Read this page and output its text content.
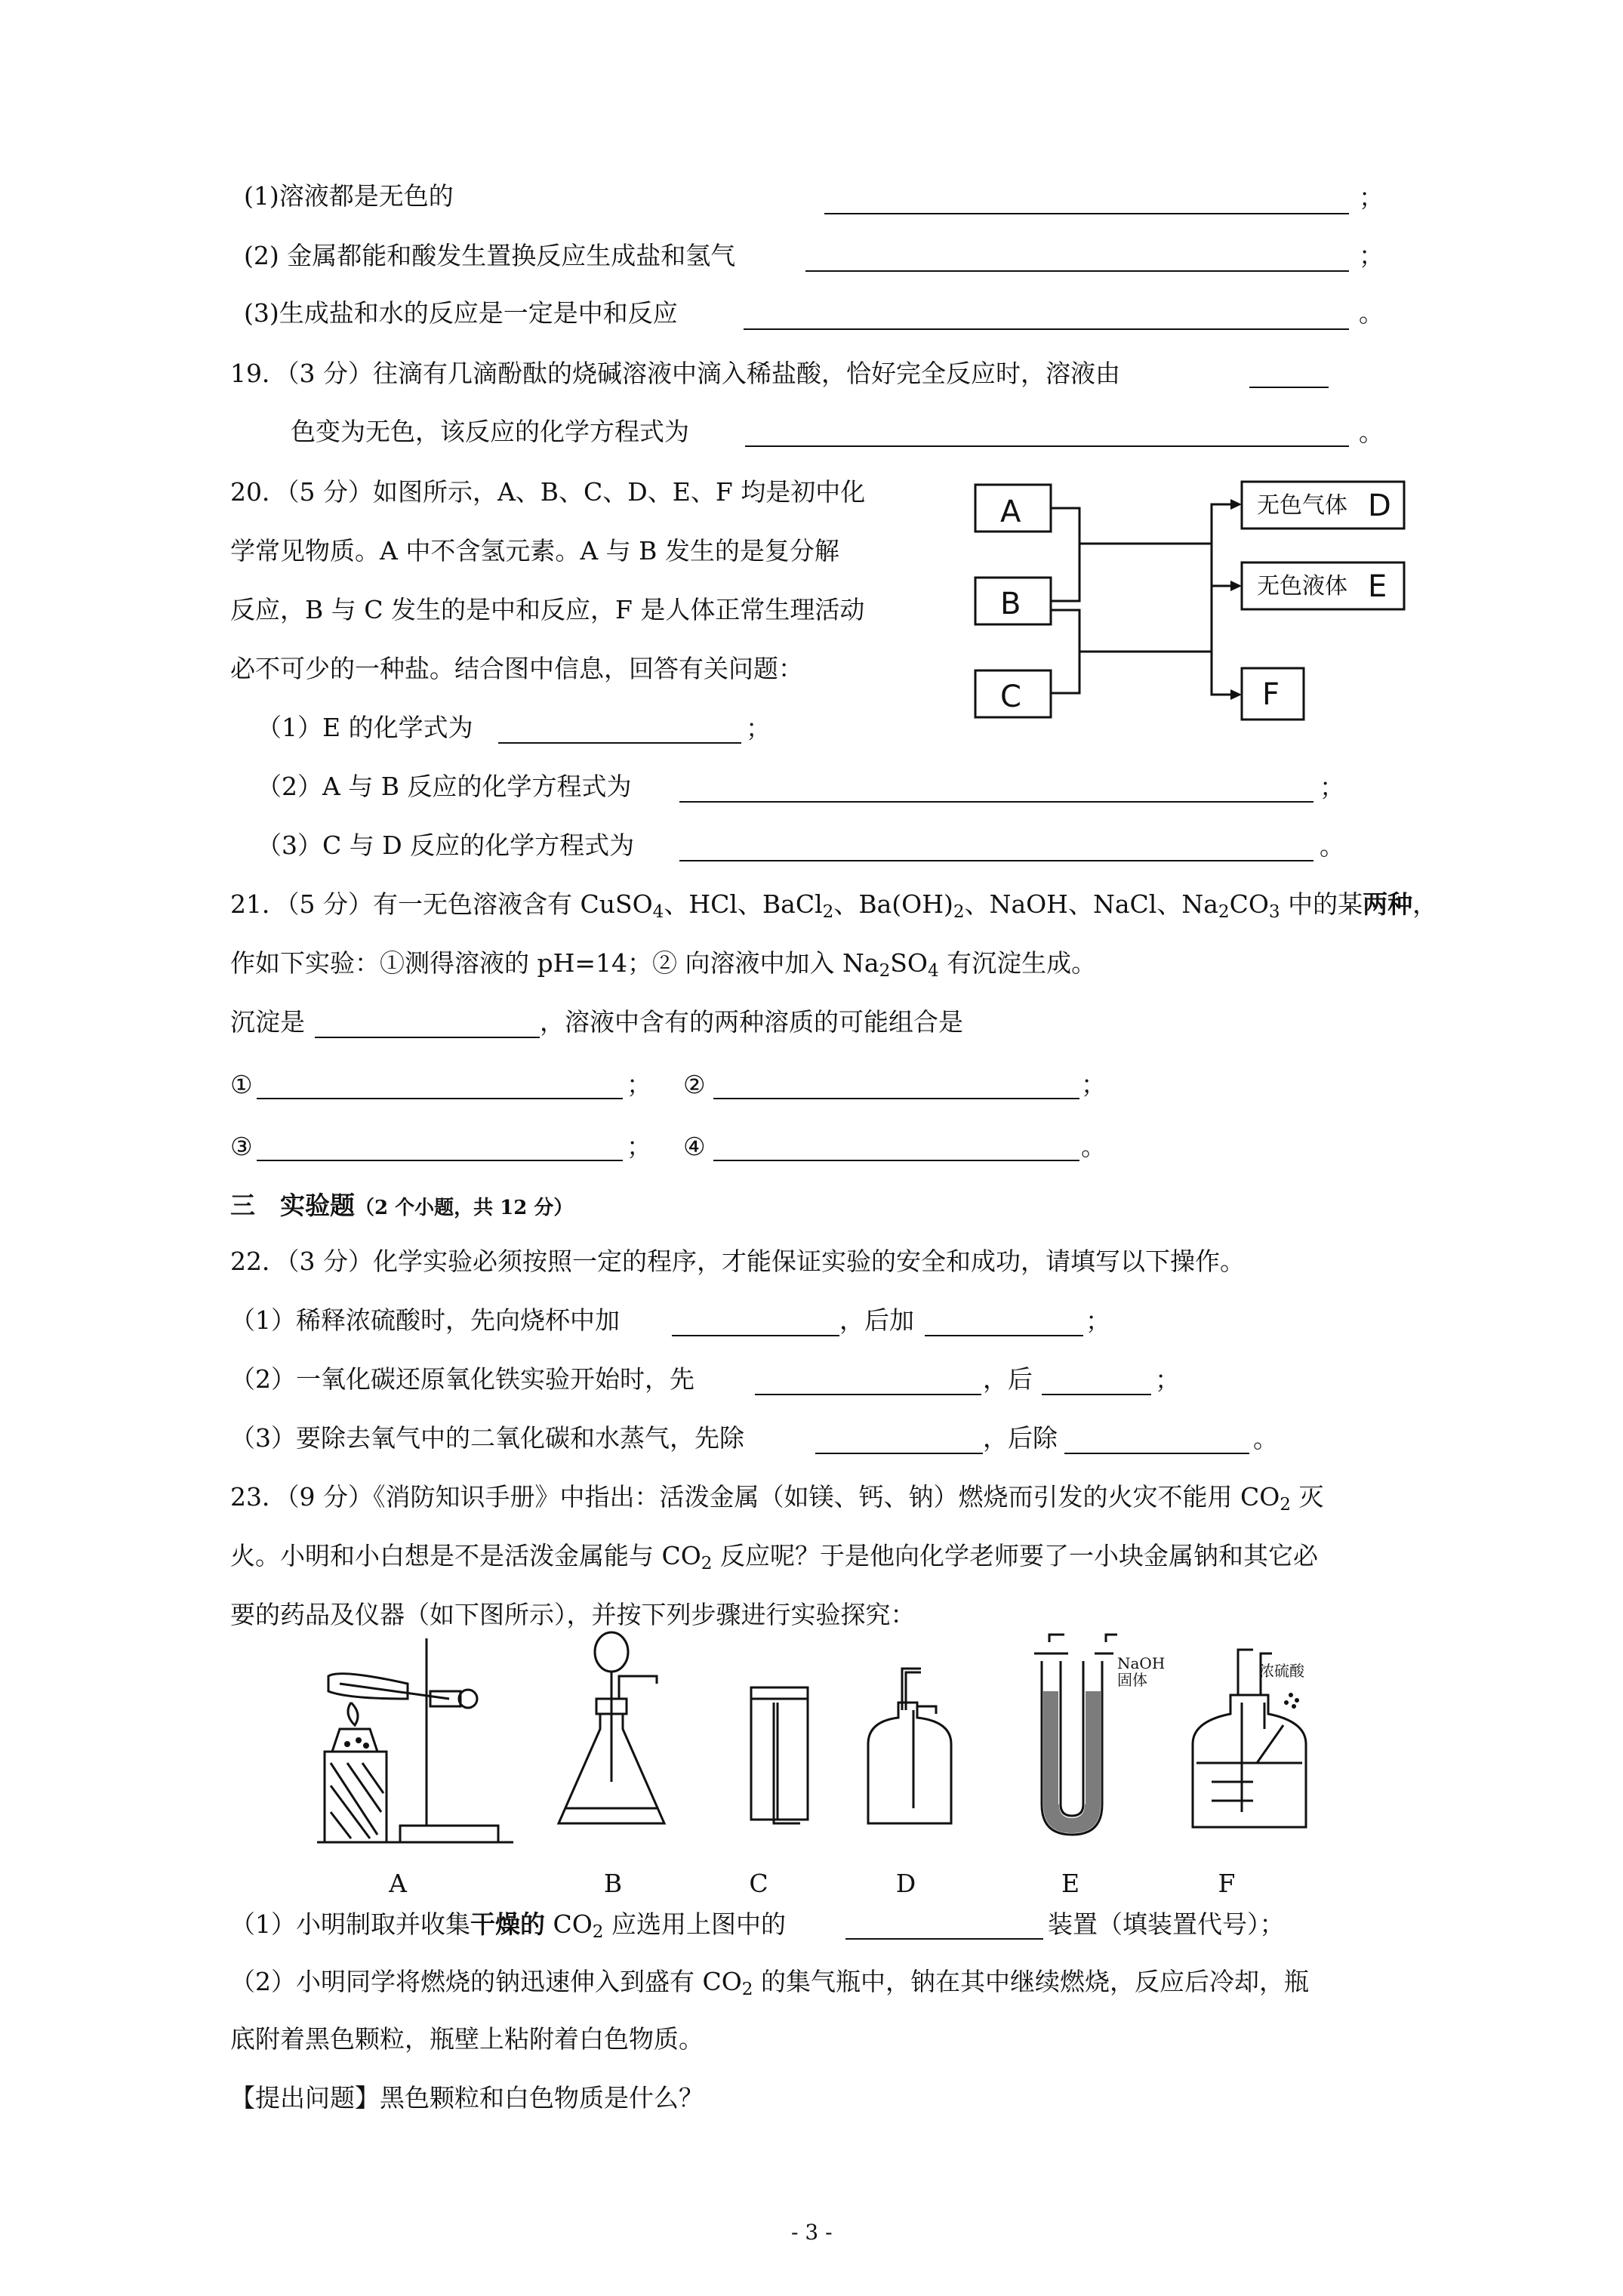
(1)溶液都是无色的	；
(2) 金属都能和酸发生置换反应生成盐和氢气	；
(3)生成盐和水的反应是一定是中和反应	。
19．（3 分）往滴有几滴酚酞的烧碱溶液中滴入稀盐酸，恰好完全反应时，溶液由
色变为无色，该反应的化学方程式为	。
20．（5 分）如图所示，A、B、C、D、E、F 均是初中化
学常见物质。A 中不含氢元素。A 与 B 发生的是复分解
反应，B 与 C 发生的是中和反应，F 是人体正常生理活动
必不可少的一种盐。结合图中信息，回答有关问题：
A
B
C
无色气体 D
无色液体 E
F
（1）E 的化学式为	；
（2）A 与 B 反应的化学方程式为	；
（3）C 与 D 反应的化学方程式为	。
21．（5 分）有一无色溶液含有 CuSO$_4$、HCl、BaCl$_2$、$Ba(OH)_2$、NaOH、NaCl、$Na_2CO_3$ 中的某两种，
作如下实验：①测得溶液的 pH=14；② 向溶液中加入 $Na_2SO_4$ 有沉淀生成。
沉淀是	，溶液中含有的两种溶质的可能组合是
①	； ②	；
③	； ④	。
三　实验题（2 个小题，共 12 分）
22．（3 分）化学实验必须按照一定的程序，才能保证实验的安全和成功，请填写以下操作。
（1）稀释浓硫酸时，先向烧杯中加	，后加	；
（2）一氧化碳还原氧化铁实验开始时，先	，后	；
（3）要除去氧气中的二氧化碳和水蒸气，先除	，后除	。
23．（9 分）《消防知识手册》中指出：活泼金属（如镁、钙、钠）燃烧而引发的火灾不能用 $CO_2$ 灭
火。小明和小白想是不是活泼金属能与 $CO_2$ 反应呢？于是他向化学老师要了一小块金属钠和其它必
要的药品及仪器（如下图所示），并按下列步骤进行实验探究：
NaOH
固体	浓硫酸
A	B	C	D	E	F
（1）小明制取并收集干燥的 $CO_2$ 应选用上图中的	装置（填装置代号）；
（2）小明同学将燃烧的钠迅速伸入到盛有 $CO_2$ 的集气瓶中，钠在其中继续燃烧，反应后冷却，瓶
底附着黑色颗粒，瓶壁上粘附着白色物质。
【提出问题】黑色颗粒和白色物质是什么？
- 3 -
